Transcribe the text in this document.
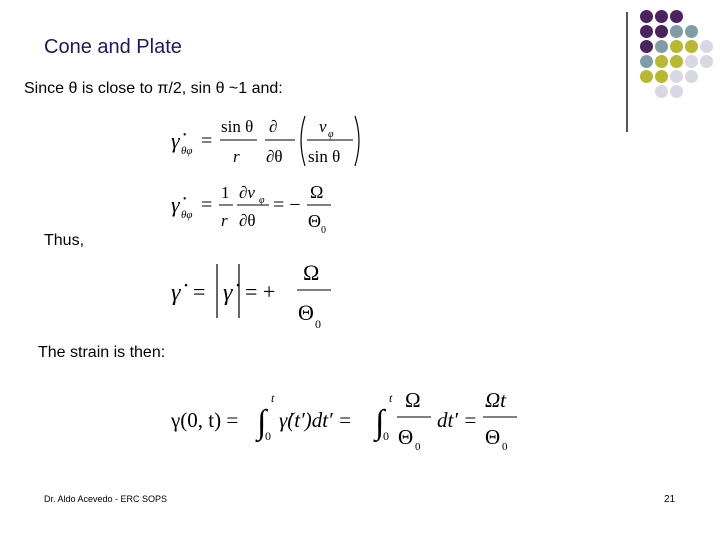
Cone and Plate
Since θ is close to π/2, sin θ ~1 and:
γ̇ θφ =
sin θ
r
∂
∂θ
v φ
sin θ
γ̇ θφ =
1
r
∂v φ
∂θ
= −
Ω
Θ 0
Thus,
γ̇ = γ̇ = +
Ω
Θ 0
The strain is then:
γ(0, t) = ∫
t
0
γ̇(t′)dt′ = ∫
t
0
Ω
Θ 0
dt′ =
Ωt
Θ 0
Dr. Aldo Acevedo - ERC SOPS	21
